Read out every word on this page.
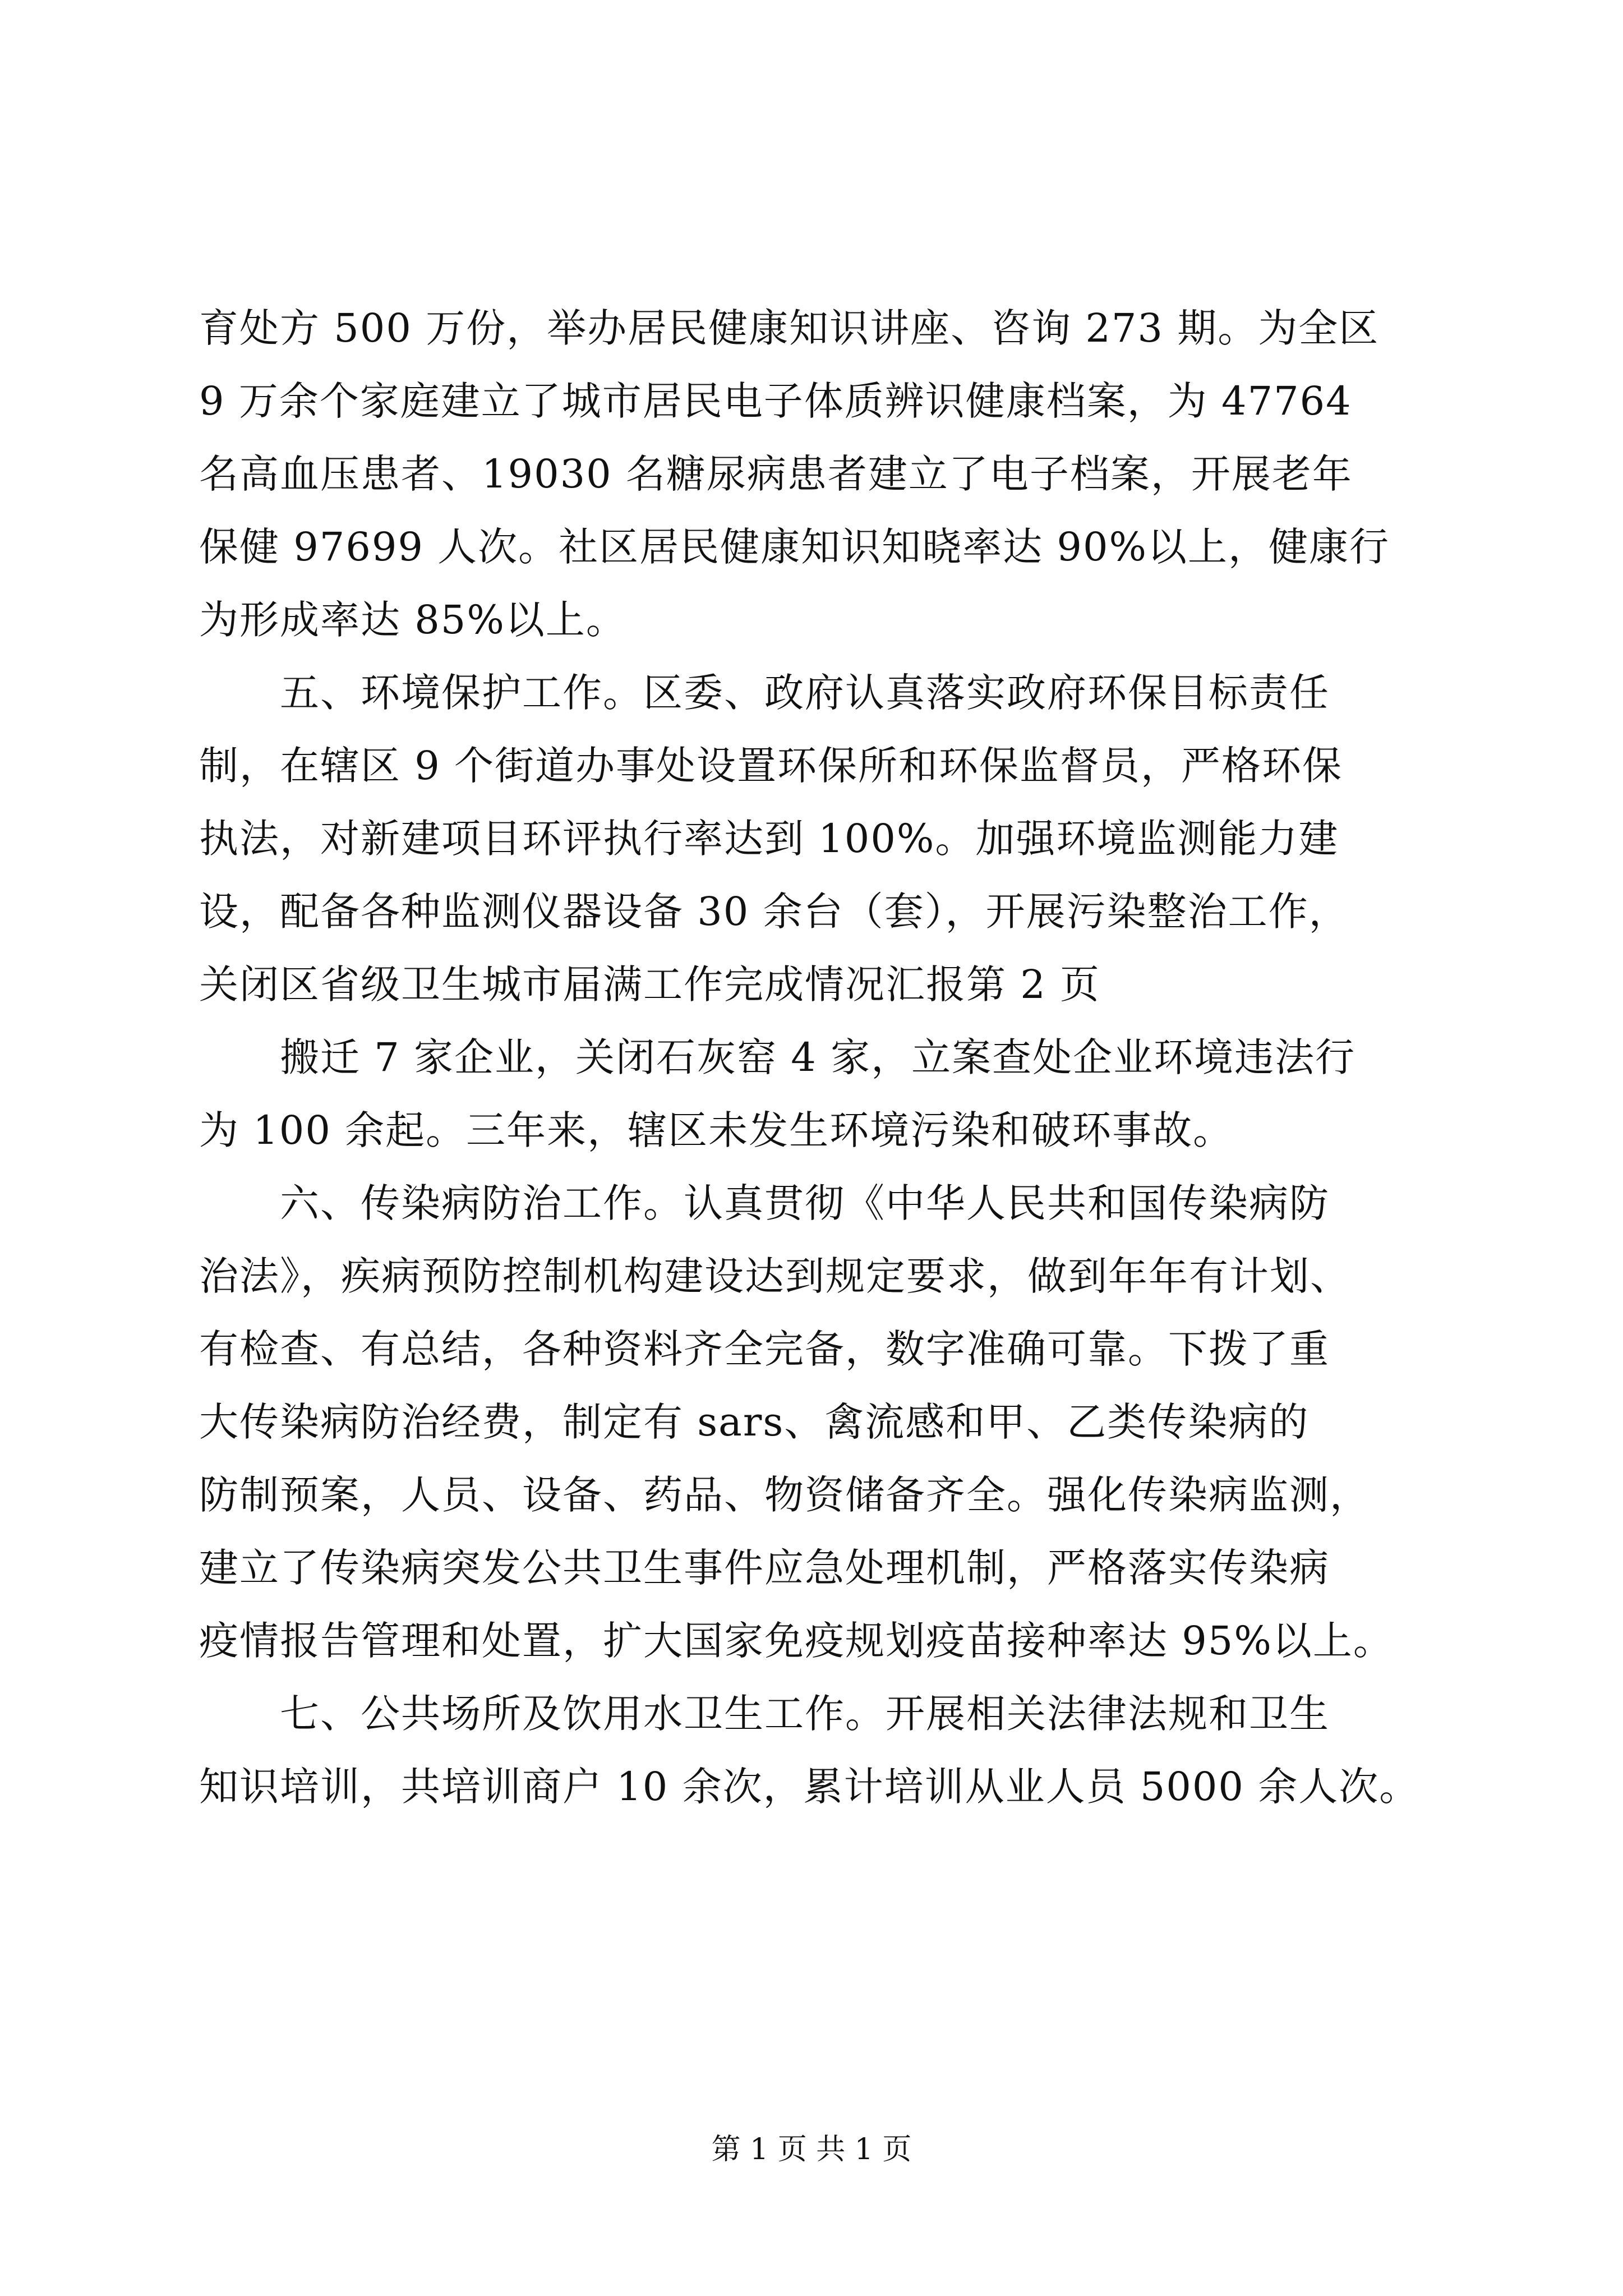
育处方 500 万份，举办居民健康知识讲座、咨询 273 期。为全区
9 万余个家庭建立了城市居民电子体质辨识健康档案，为 47764
名高血压患者、19030 名糖尿病患者建立了电子档案，开展老年
保健 97699 人次。社区居民健康知识知晓率达 90%以上，健康行
为形成率达 85%以上。
　　五、环境保护工作。区委、政府认真落实政府环保目标责任
制，在辖区 9 个街道办事处设置环保所和环保监督员，严格环保
执法，对新建项目环评执行率达到 100%。加强环境监测能力建
设，配备各种监测仪器设备 30 余台（套），开展污染整治工作，
关闭区省级卫生城市届满工作完成情况汇报第 2 页
　　搬迁 7 家企业，关闭石灰窑 4 家，立案查处企业环境违法行
为 100 余起。三年来，辖区未发生环境污染和破环事故。
　　六、传染病防治工作。认真贯彻《中华人民共和国传染病防
治法》，疾病预防控制机构建设达到规定要求，做到年年有计划、
有检查、有总结，各种资料齐全完备，数字准确可靠。下拨了重
大传染病防治经费，制定有 sars、禽流感和甲、乙类传染病的
防制预案，人员、设备、药品、物资储备齐全。强化传染病监测，
建立了传染病突发公共卫生事件应急处理机制，严格落实传染病
疫情报告管理和处置，扩大国家免疫规划疫苗接种率达 95%以上。
　　七、公共场所及饮用水卫生工作。开展相关法律法规和卫生
知识培训，共培训商户 10 余次，累计培训从业人员 5000 余人次。
第 1 页 共 1 页
